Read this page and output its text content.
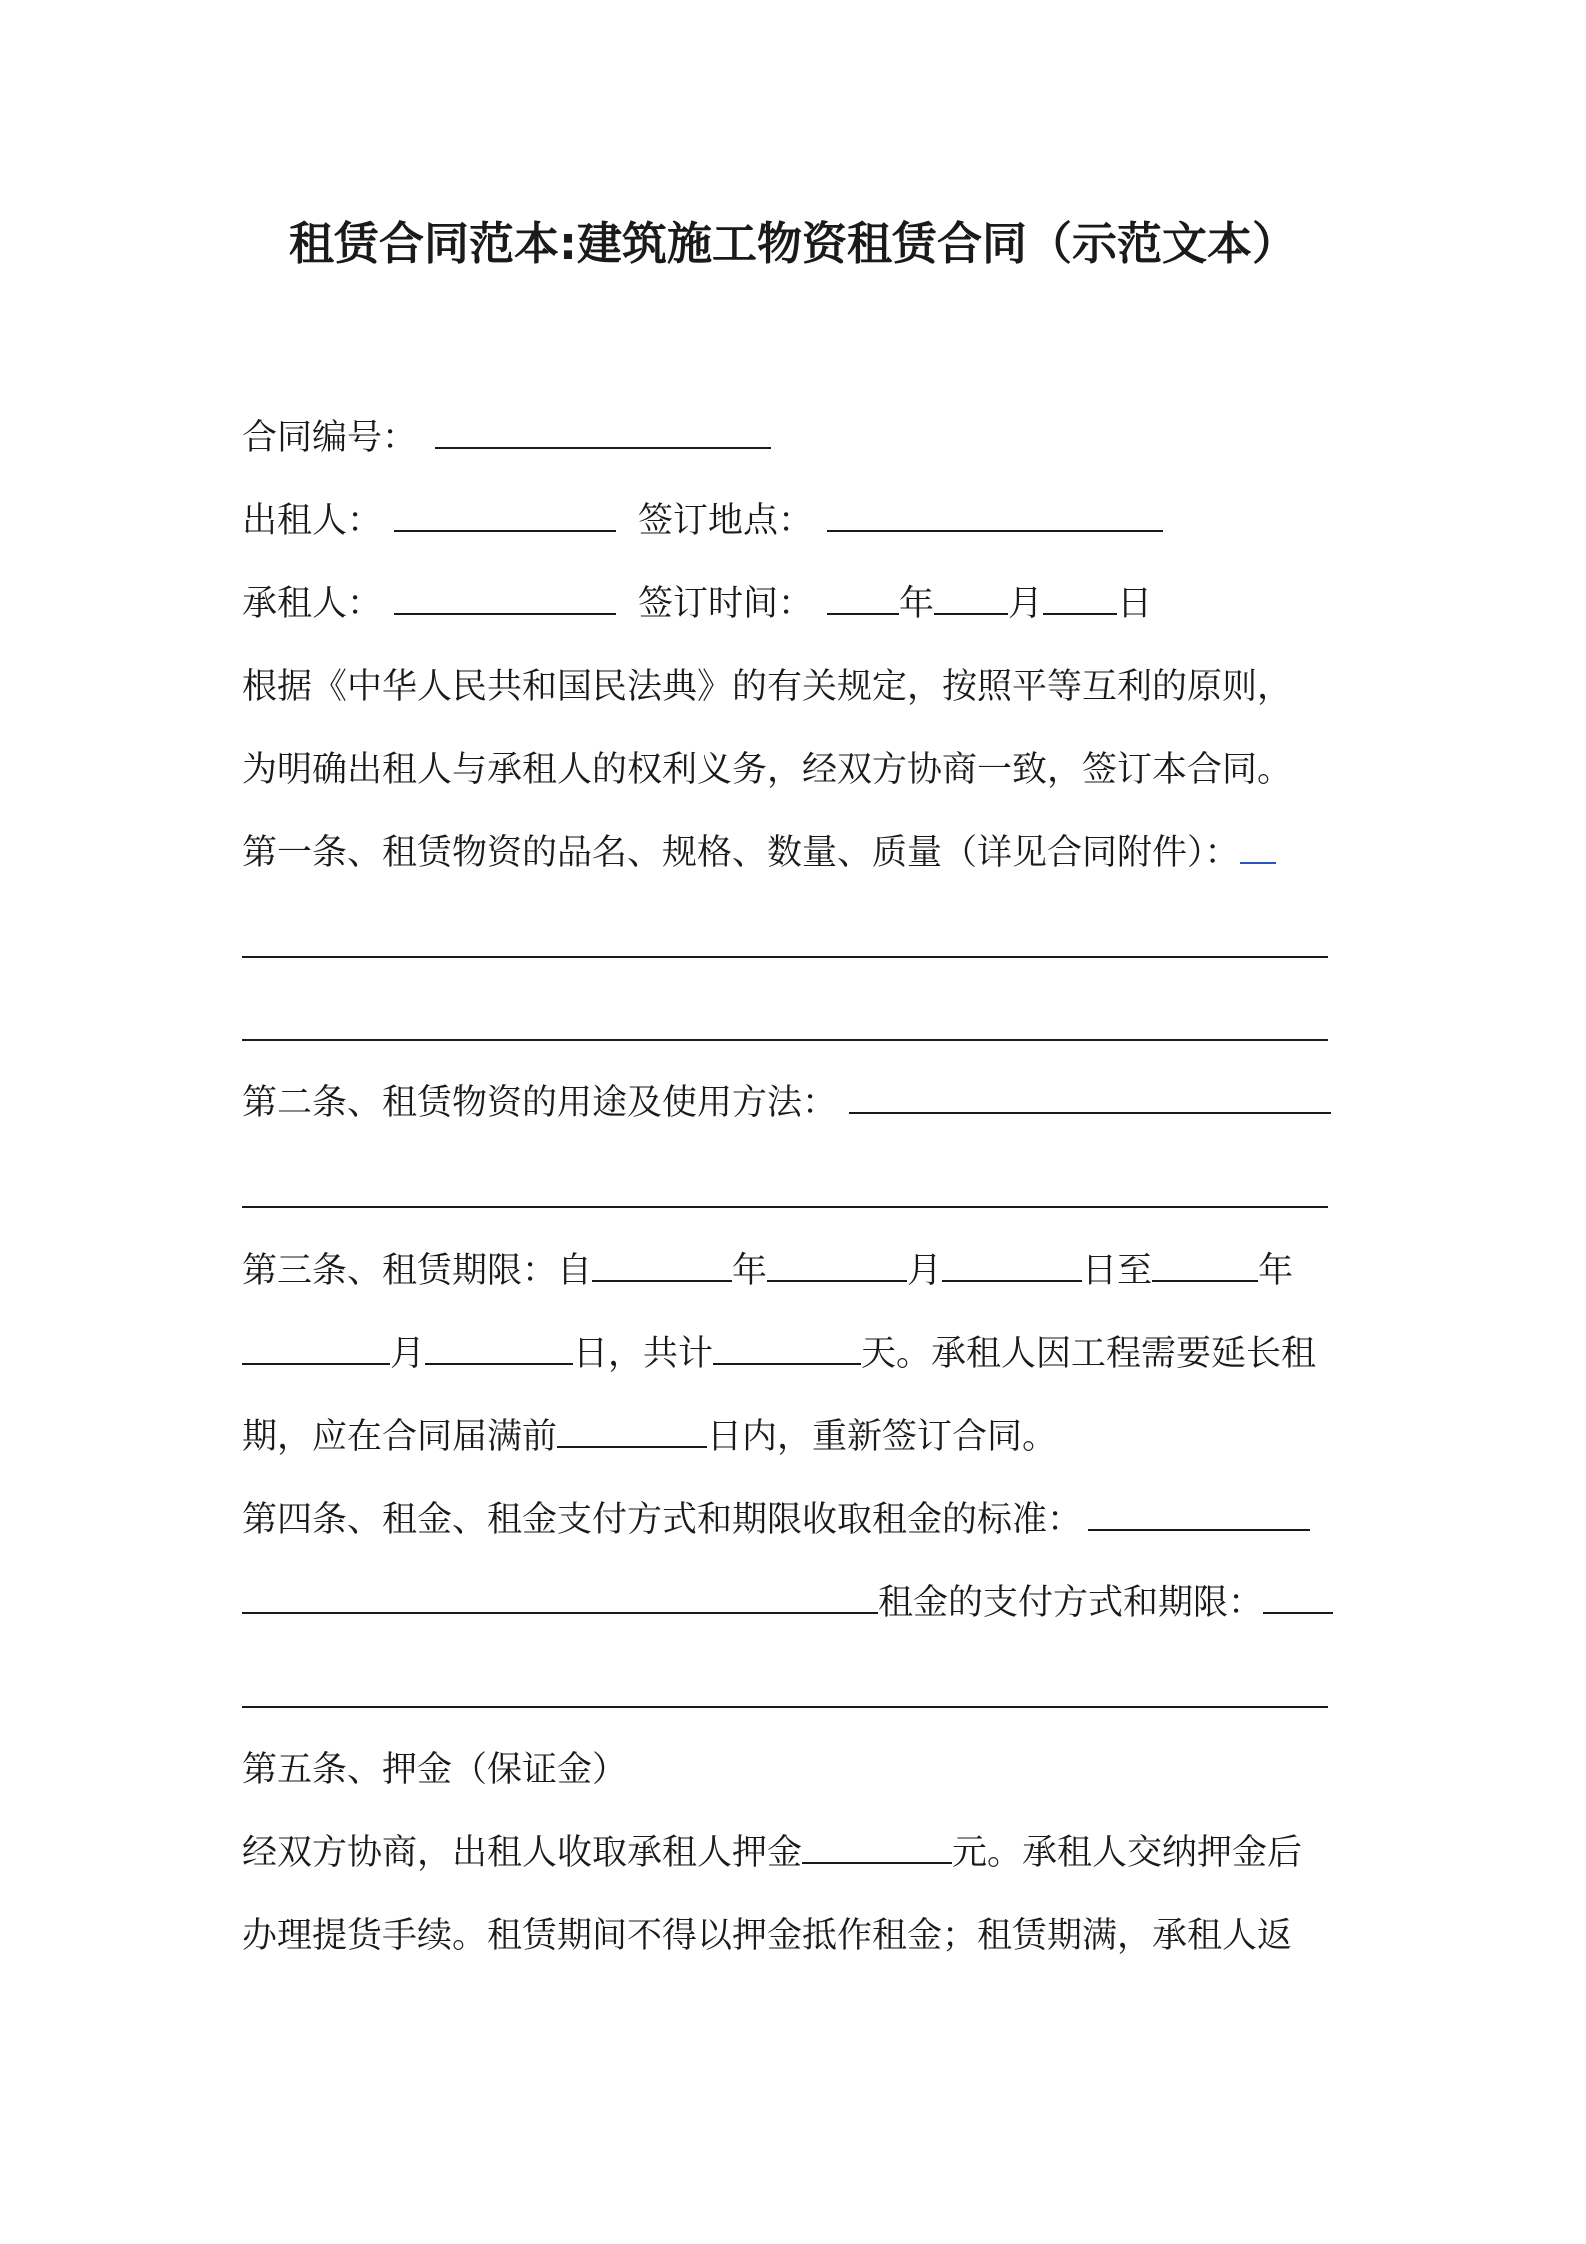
租赁合同范本:建筑施工物资租赁合同（示范文本）
合同编号：
出租人：	签订地点：
承租人：	签订时间： 年 月 日
根据《中华人民共和国民法典》的有关规定，按照平等互利的原则，
为明确出租人与承租人的权利义务，经双方协商一致，签订本合同。
第一条、租赁物资的品名、规格、数量、质量（详见合同附件）：
第二条、租赁物资的用途及使用方法：
第三条、租赁期限：自	年	月	日至	年
月	日，共计	天。承租人因工程需要延长租
期，应在合同届满前	日内，重新签订合同。
第四条、租金、租金支付方式和期限收取租金的标准：
租金的支付方式和期限：
第五条、押金（保证金）
经双方协商，出租人收取承租人押金	元。承租人交纳押金后
办理提货手续。租赁期间不得以押金抵作租金；租赁期满，承租人返
